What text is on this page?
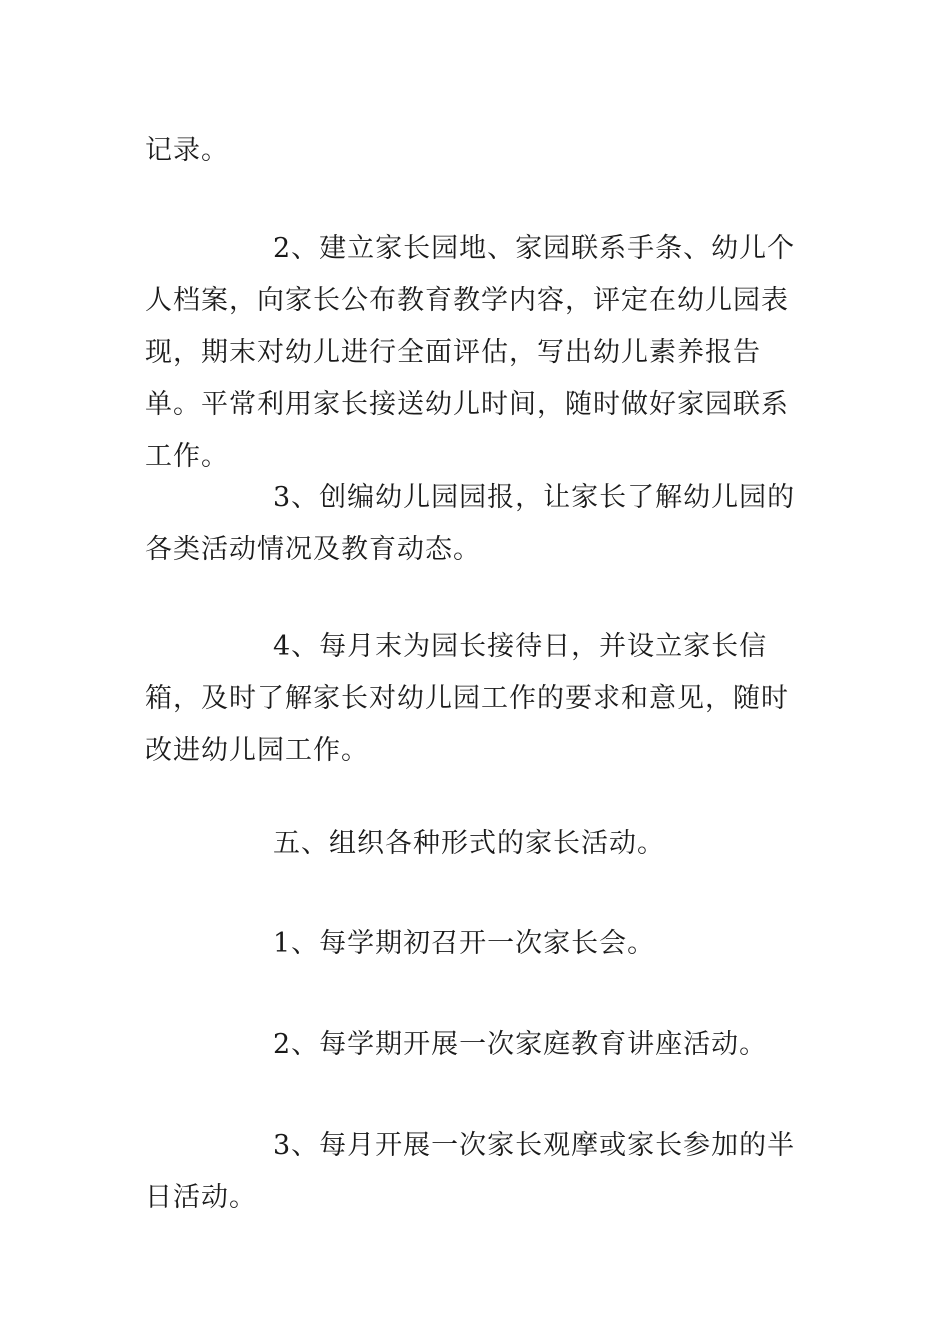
记录。

2、建立家长园地、家园联系手条、幼儿个人档案，向家长公布教育教学内容，评定在幼儿园表现，期末对幼儿进行全面评估，写出幼儿素养报告单。平常利用家长接送幼儿时间，随时做好家园联系工作。

3、创编幼儿园园报，让家长了解幼儿园的各类活动情况及教育动态。

4、每月末为园长接待日，并设立家长信箱，及时了解家长对幼儿园工作的要求和意见，随时改进幼儿园工作。

五、组织各种形式的家长活动。

1、每学期初召开一次家长会。

2、每学期开展一次家庭教育讲座活动。

3、每月开展一次家长观摩或家长参加的半日活动。
